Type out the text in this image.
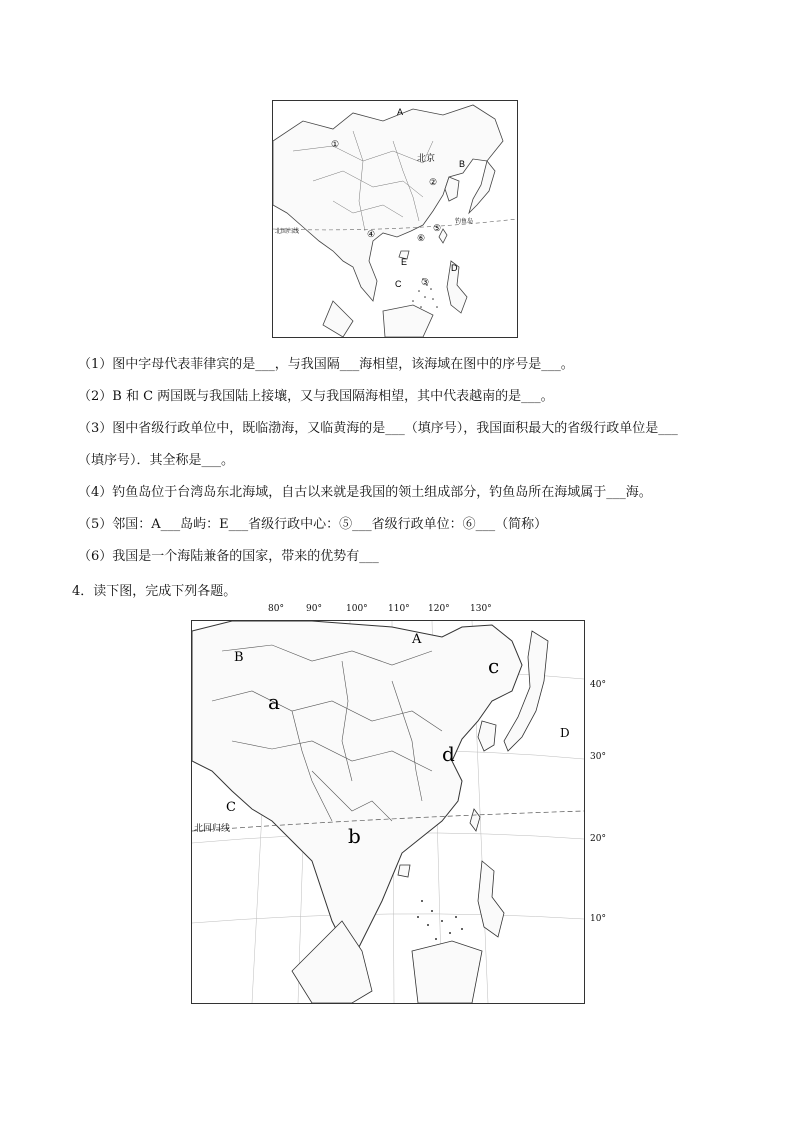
A
①
北京
B
②
钓鱼岛
⑤
北回归线	④	⑥
E
D
③
C
（1）图中字母代表菲律宾的是___，与我国隔___海相望，该海域在图中的序号是___。
（2）B 和 C 两国既与我国陆上接壤，又与我国隔海相望，其中代表越南的是___。
（3）图中省级行政单位中，既临渤海，又临黄海的是___（填序号），我国面积最大的省级行政单位是___
（填序号）．其全称是___。
（4）钓鱼岛位于台湾岛东北海域，自古以来就是我国的领土组成部分，钓鱼岛所在海域属于___海。
（5）邻国：A___岛屿：E___省级行政中心：⑤___省级行政单位：⑥___（简称）
（6）我国是一个海陆兼备的国家，带来的优势有___
4．读下图，完成下列各题。
80° 90°	100° 110° 120° 130°
40°
30°
20°
10°
B
A
c
a
d
D
C
北回归线	b
